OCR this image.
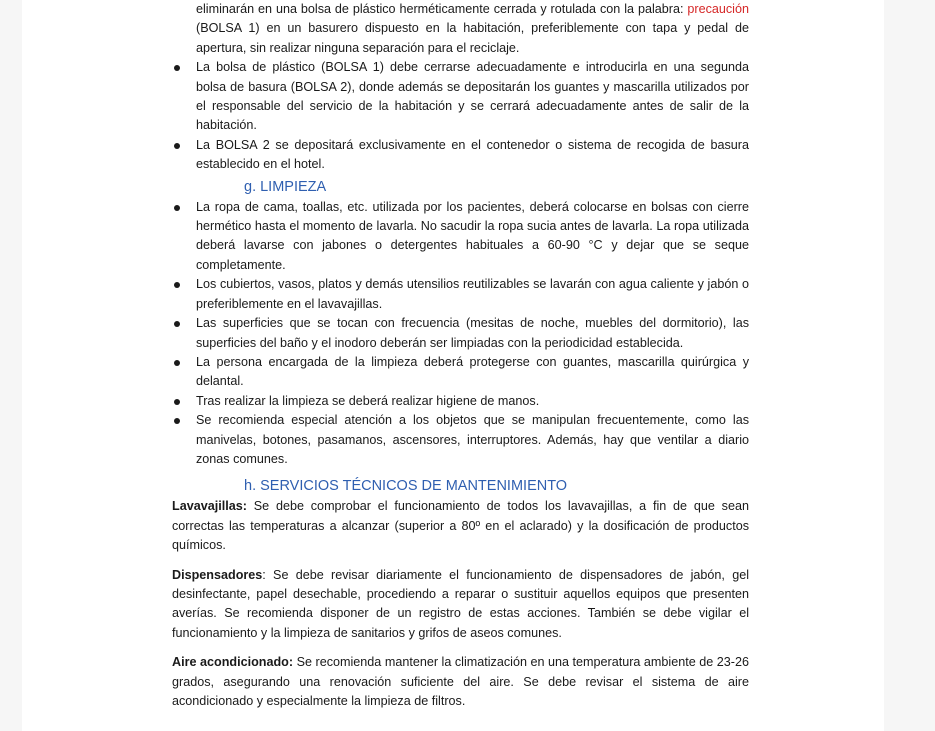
eliminarán en una bolsa de plástico herméticamente cerrada y rotulada con la palabra: precaución (BOLSA 1) en un basurero dispuesto en la habitación, preferiblemente con tapa y pedal de apertura, sin realizar ninguna separación para el reciclaje.
La bolsa de plástico (BOLSA 1) debe cerrarse adecuadamente e introducirla en una segunda bolsa de basura (BOLSA 2), donde además se depositarán los guantes y mascarilla utilizados por el responsable del servicio de la habitación y se cerrará adecuadamente antes de salir de la habitación.
La BOLSA 2 se depositará exclusivamente en el contenedor o sistema de recogida de basura establecido en el hotel.
g. LIMPIEZA
La ropa de cama, toallas, etc. utilizada por los pacientes, deberá colocarse en bolsas con cierre hermético hasta el momento de lavarla. No sacudir la ropa sucia antes de lavarla. La ropa utilizada deberá lavarse con jabones o detergentes habituales a 60-90 °C y dejar que se seque completamente.
Los cubiertos, vasos, platos y demás utensilios reutilizables se lavarán con agua caliente y jabón o preferiblemente en el lavavajillas.
Las superficies que se tocan con frecuencia (mesitas de noche, muebles del dormitorio), las superficies del baño y el inodoro deberán ser limpiadas con la periodicidad establecida.
La persona encargada de la limpieza deberá protegerse con guantes, mascarilla quirúrgica y delantal.
Tras realizar la limpieza se deberá realizar higiene de manos.
Se recomienda especial atención a los objetos que se manipulan frecuentemente, como las manivelas, botones, pasamanos, ascensores, interruptores. Además, hay que ventilar a diario zonas comunes.
h. SERVICIOS TÉCNICOS DE MANTENIMIENTO

Lavavajillas: Se debe comprobar el funcionamiento de todos los lavavajillas, a fin de que sean correctas las temperaturas a alcanzar (superior a 80º en el aclarado) y la dosificación de productos químicos.

Dispensadores: Se debe revisar diariamente el funcionamiento de dispensadores de jabón, gel desinfectante, papel desechable, procediendo a reparar o sustituir aquellos equipos que presenten averías. Se recomienda disponer de un registro de estas acciones. También se debe vigilar el funcionamiento y la limpieza de sanitarios y grifos de aseos comunes.

Aire acondicionado: Se recomienda mantener la climatización en una temperatura ambiente de 23-26 grados, asegurando una renovación suficiente del aire. Se debe revisar el sistema de aire acondicionado y especialmente la limpieza de filtros.
